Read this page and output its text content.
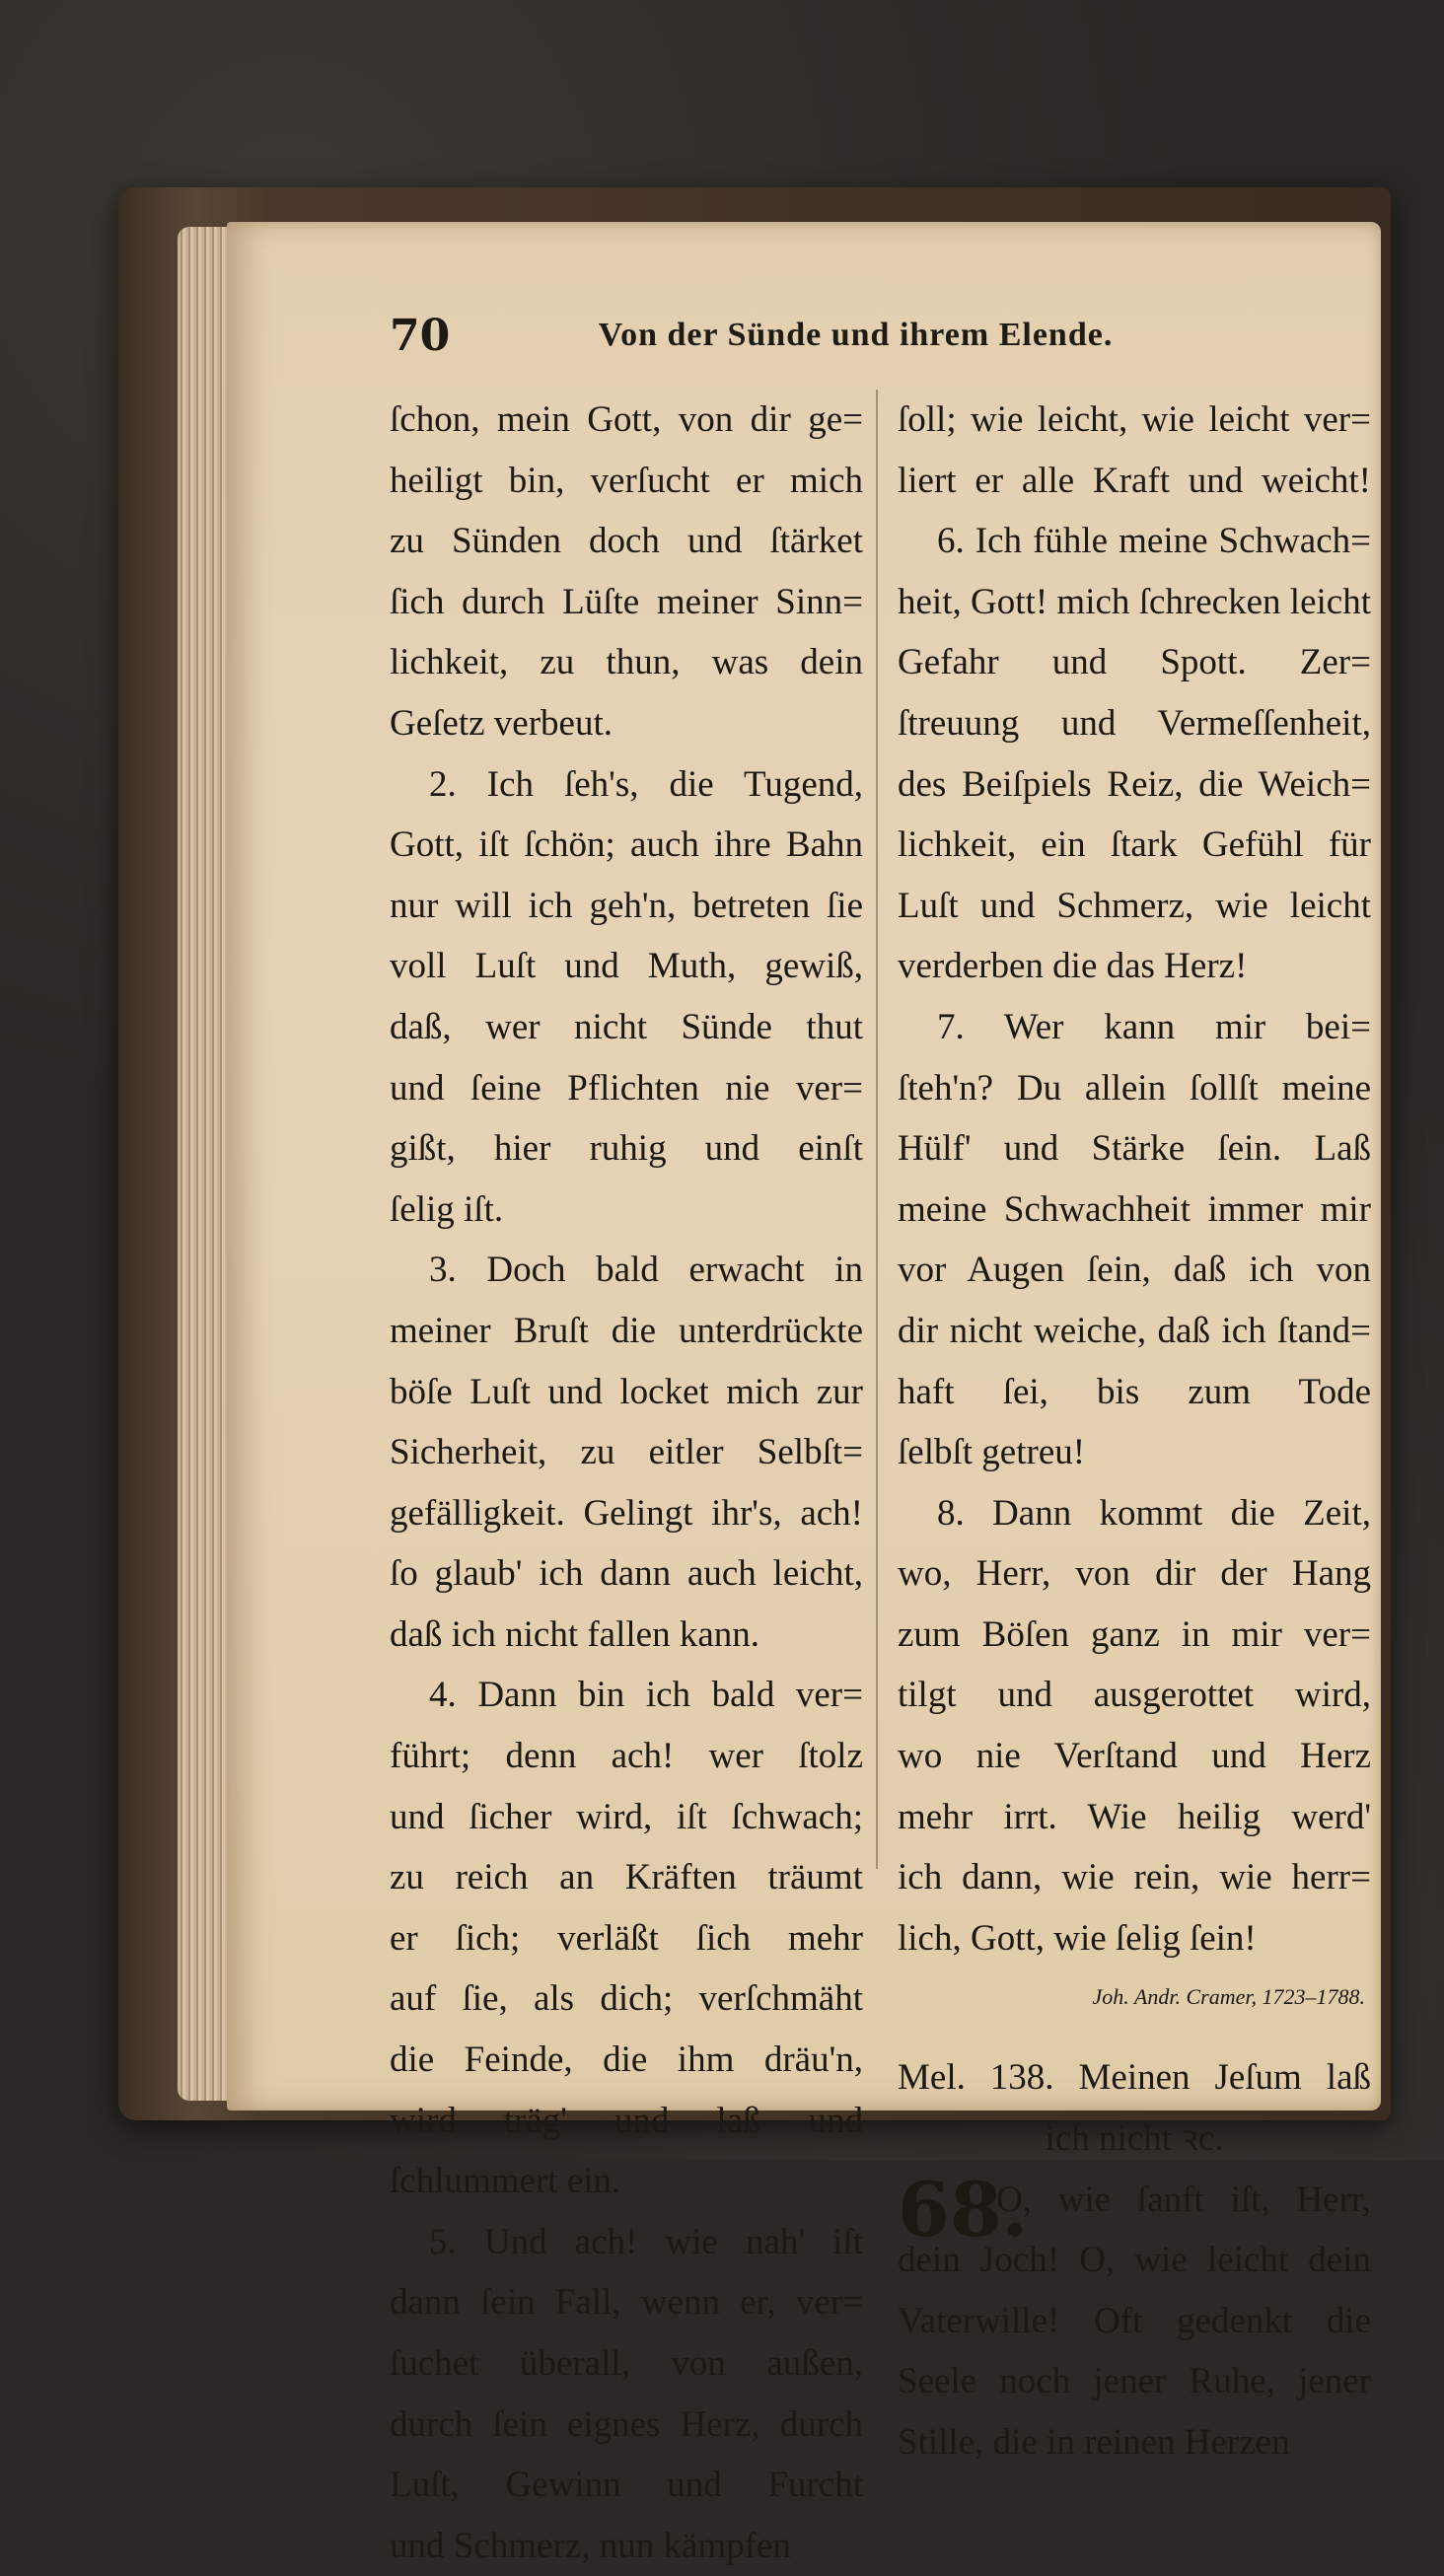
70	Von der Sünde und ihrem Elende.
ſchon, mein Gott, von dir ge=
heiligt bin, verſucht er mich
zu Sünden doch und ſtärket
ſich durch Lüſte meiner Sinn=
lichkeit, zu thun, was dein
Geſetz verbeut.
2. Ich ſeh's, die Tugend,
Gott, iſt ſchön; auch ihre Bahn
nur will ich geh'n, betreten ſie
voll Luſt und Muth, gewiß,
daß, wer nicht Sünde thut
und ſeine Pflichten nie ver=
gißt, hier ruhig und einſt
ſelig iſt.
3. Doch bald erwacht in
meiner Bruſt die unterdrückte
böſe Luſt und locket mich zur
Sicherheit, zu eitler Selbſt=
gefälligkeit. Gelingt ihr's, ach!
ſo glaub' ich dann auch leicht,
daß ich nicht fallen kann.
4. Dann bin ich bald ver=
führt; denn ach! wer ſtolz
und ſicher wird, iſt ſchwach;
zu reich an Kräften träumt
er ſich; verläßt ſich mehr
auf ſie, als dich; verſchmäht
die Feinde, die ihm dräu'n,
wird träg' und laß und
ſchlummert ein.
5. Und ach! wie nah' iſt
dann ſein Fall, wenn er, ver=
ſuchet überall, von außen,
durch ſein eignes Herz, durch
Luſt, Gewinn und Furcht
und Schmerz, nun kämpfen
ſoll; wie leicht, wie leicht ver=
liert er alle Kraft und weicht!
6. Ich fühle meine Schwach=
heit, Gott! mich ſchrecken leicht
Gefahr und Spott. Zer=
ſtreuung und Vermeſſenheit,
des Beiſpiels Reiz, die Weich=
lichkeit, ein ſtark Gefühl für
Luſt und Schmerz, wie leicht
verderben die das Herz!
7. Wer kann mir bei=
ſteh'n? Du allein ſollſt meine
Hülf' und Stärke ſein. Laß
meine Schwachheit immer mir
vor Augen ſein, daß ich von
dir nicht weiche, daß ich ſtand=
haft ſei, bis zum Tode
ſelbſt getreu!
8. Dann kommt die Zeit,
wo, Herr, von dir der Hang
zum Böſen ganz in mir ver=
tilgt und ausgerottet wird,
wo nie Verſtand und Herz
mehr irrt. Wie heilig werd'
ich dann, wie rein, wie herr=
lich, Gott, wie ſelig ſein!
Joh. Andr. Cramer, 1723–1788.
Mel. 138. Meinen Jeſum laß
ich nicht ꝛc.
68.
O, wie ſanft iſt, Herr,
dein Joch! O, wie leicht dein
Vaterwille! Oft gedenkt die
Seele noch jener Ruhe, jener
Stille, die in reinen Herzen
